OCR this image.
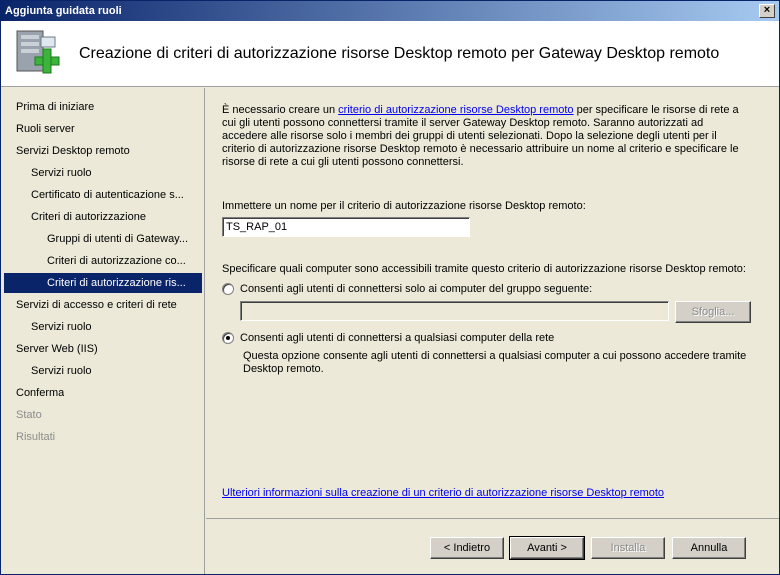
Aggiunta guidata ruoli	×
Creazione di criteri di autorizzazione risorse Desktop remoto per Gateway Desktop remoto
Prima di iniziare
Ruoli server
Servizi Desktop remoto
Servizi ruolo
Certificato di autenticazione s...
Criteri di autorizzazione
Gruppi di utenti di Gateway...
Criteri di autorizzazione co...
Criteri di autorizzazione ris...
Servizi di accesso e criteri di rete
Servizi ruolo
Server Web (IIS)
Servizi ruolo
Conferma
Stato
Risultati
È necessario creare un criterio di autorizzazione risorse Desktop remoto per specificare le risorse di rete a cui gli utenti possono connettersi tramite il server Gateway Desktop remoto. Saranno autorizzati ad accedere alle risorse solo i membri dei gruppi di utenti selezionati. Dopo la selezione degli utenti per il criterio di autorizzazione risorse Desktop remoto è necessario attribuire un nome al criterio e specificare le risorse di rete a cui gli utenti possono connettersi.
Immettere un nome per il criterio di autorizzazione risorse Desktop remoto:
TS_RAP_01
Specificare quali computer sono accessibili tramite questo criterio di autorizzazione risorse Desktop remoto:
Consenti agli utenti di connettersi solo ai computer del gruppo seguente:
Sfoglia...
Consenti agli utenti di connettersi a qualsiasi computer della rete
Questa opzione consente agli utenti di connettersi a qualsiasi computer a cui possono accedere tramite Desktop remoto.
Ulteriori informazioni sulla creazione di un criterio di autorizzazione risorse Desktop remoto
< Indietro	Avanti >	Installa	Annulla
